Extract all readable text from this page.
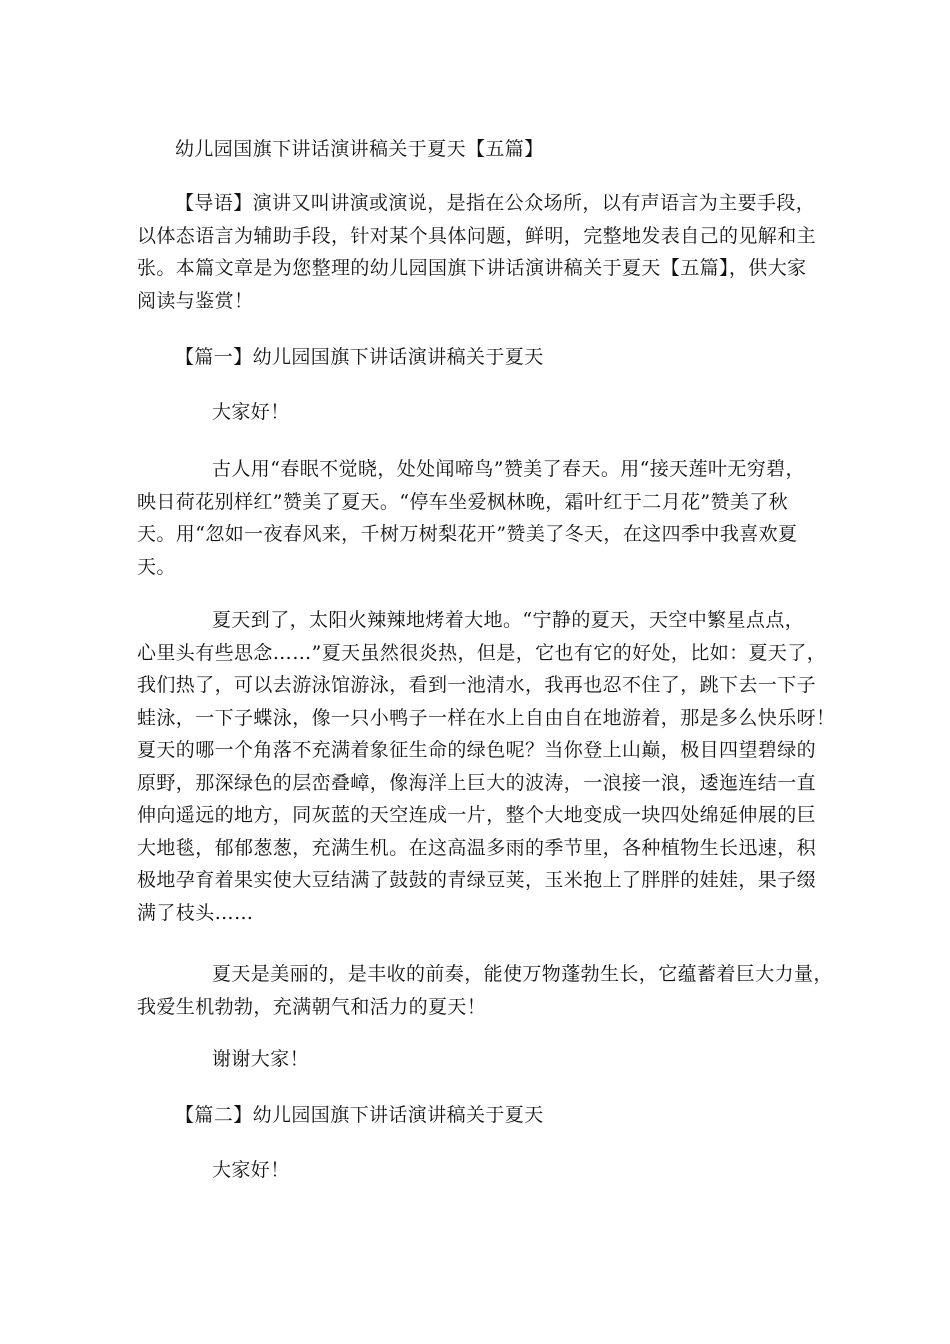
幼儿园国旗下讲话演讲稿关于夏天【五篇】
【导语】演讲又叫讲演或演说，是指在公众场所，以有声语言为主要手段，
以体态语言为辅助手段，针对某个具体问题，鲜明，完整地发表自己的见解和主
张。本篇文章是为您整理的幼儿园国旗下讲话演讲稿关于夏天【五篇】，供大家
阅读与鉴赏！
【篇一】幼儿园国旗下讲话演讲稿关于夏天
大家好！
古人用“春眠不觉晓，处处闻啼鸟”赞美了春天。用“接天莲叶无穷碧，
映日荷花别样红”赞美了夏天。“停车坐爱枫林晚，霜叶红于二月花”赞美了秋
天。用“忽如一夜春风来，千树万树梨花开”赞美了冬天，在这四季中我喜欢夏
天。
夏天到了，太阳火辣辣地烤着大地。“宁静的夏天，天空中繁星点点，
心里头有些思念……”夏天虽然很炎热，但是，它也有它的好处，比如：夏天了，
我们热了，可以去游泳馆游泳，看到一池清水，我再也忍不住了，跳下去一下子
蛙泳，一下子蝶泳，像一只小鸭子一样在水上自由自在地游着，那是多么快乐呀！
夏天的哪一个角落不充满着象征生命的绿色呢？当你登上山巅，极目四望碧绿的
原野，那深绿色的层峦叠嶂，像海洋上巨大的波涛，一浪接一浪，逶迤连结一直
伸向遥远的地方，同灰蓝的天空连成一片，整个大地变成一块四处绵延伸展的巨
大地毯，郁郁葱葱，充满生机。在这高温多雨的季节里，各种植物生长迅速，积
极地孕育着果实使大豆结满了鼓鼓的青绿豆荚，玉米抱上了胖胖的娃娃，果子缀
满了枝头……
夏天是美丽的，是丰收的前奏，能使万物蓬勃生长，它蕴蓄着巨大力量，
我爱生机勃勃，充满朝气和活力的夏天！
谢谢大家！
【篇二】幼儿园国旗下讲话演讲稿关于夏天
大家好！
